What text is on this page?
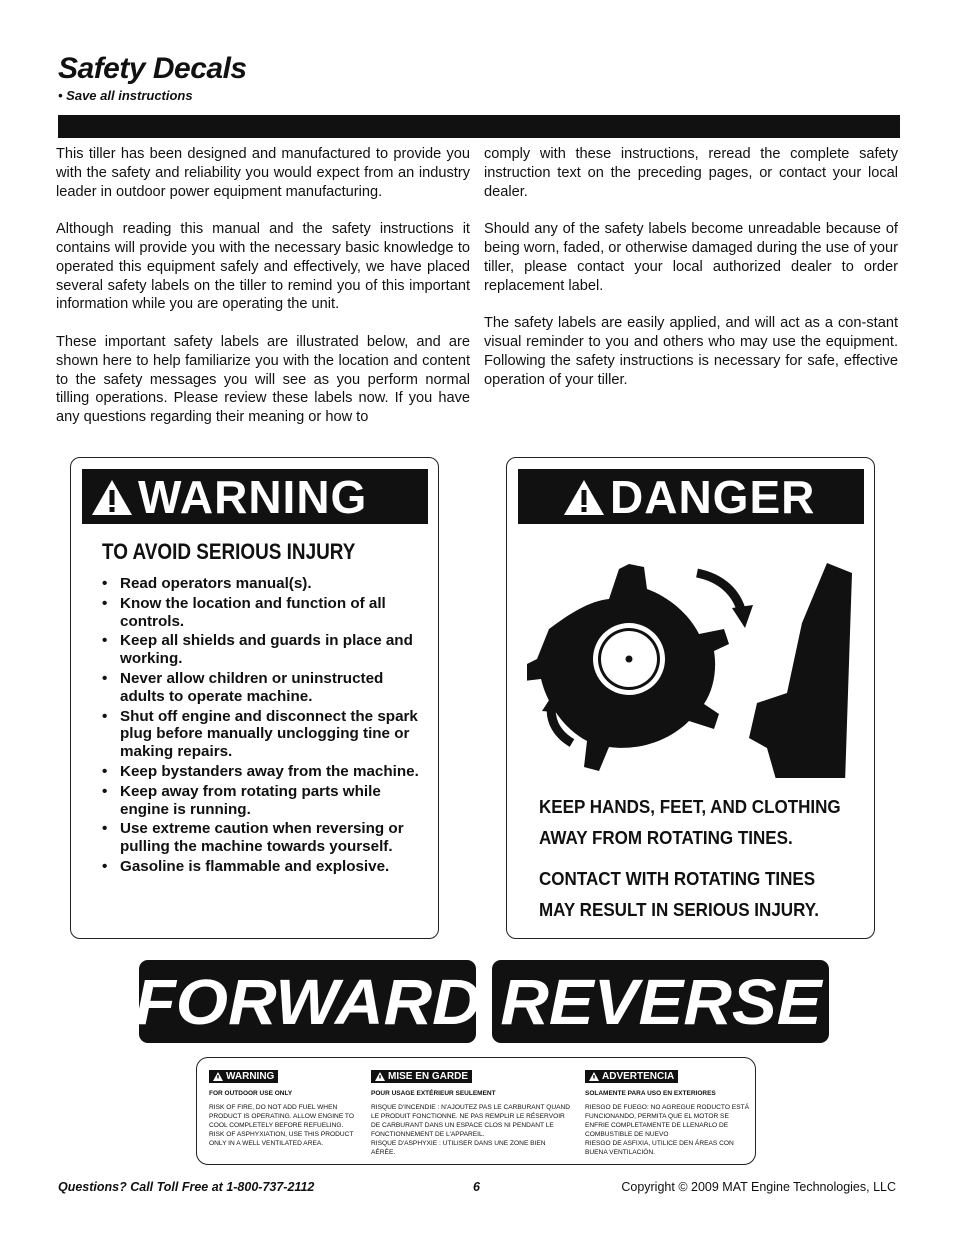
Safety Decals
• Save all instructions

This tiller has been designed and manufactured to provide you with the safety and reliability you would expect from an industry leader in outdoor power equipment manufacturing.

Although reading this manual and the safety instructions it contains will provide you with the necessary basic knowledge to operated this equipment safely and effectively, we have placed several safety labels on the tiller to remind you of this important information while you are operating the unit.

These important safety labels are illustrated below, and are shown here to help familiarize you with the location and content to the safety messages you will see as you perform normal tilling operations. Please review these labels now. If you have any questions regarding their meaning or how to

comply with these instructions, reread the complete safety instruction text on the preceding pages, or contact your local dealer.

Should any of the safety labels become unreadable because of being worn, faded, or otherwise damaged during the use of your tiller, please contact your local authorized dealer to order replacement label.

The safety labels are easily applied, and will act as a con-stant visual reminder to you and others who may use the equipment. Following the safety instructions is necessary for safe, effective operation of your tiller.

WARNING
TO AVOID SERIOUS INJURY
• Read operators manual(s).
• Know the location and function of all controls.
• Keep all shields and guards in place and working.
• Never allow children or uninstructed adults to operate machine.
• Shut off engine and disconnect the spark plug before manually unclogging tine or making repairs.
• Keep bystanders away from the machine.
• Keep away from rotating parts while engine is running.
• Use extreme caution when reversing or pulling the machine towards yourself.
• Gasoline is flammable and explosive.
DANGER
KEEP HANDS, FEET, AND CLOTHING
AWAY FROM ROTATING TINES.
CONTACT WITH ROTATING TINES
MAY RESULT IN SERIOUS INJURY.
FORWARD REVERSE
WARNING
FOR OUTDOOR USE ONLY
RISK OF FIRE, DO NOT ADD FUEL WHEN
PRODUCT IS OPERATING. ALLOW ENGINE TO
COOL COMPLETELY BEFORE REFUELING.
RISK OF ASPHYXIATION, USE THIS PRODUCT
ONLY IN A WELL VENTILATED AREA.
MISE EN GARDE
POUR USAGE EXTÉRIEUR SEULEMENT
RISQUE D'INCENDIE : N'AJOUTEZ PAS LE CARBURANT QUAND
LE PRODUIT FONCTIONNE. NE PAS REMPLIR LE RÉSERVOIR
DE CARBURANT DANS UN ESPACE CLOS NI PENDANT LE
FONCTIONNEMENT DE L'APPAREIL.
RISQUE D'ASPHYXIE : UTILISER DANS UNE ZONE BIEN AÉRÉE.
ADVERTENCIA
SOLAMENTE PARA USO EN EXTERIORES
RIESGO DE FUEGO: NO AGREGUE RODUCTO ESTÁ
FUNCIONANDO, PERMITA QUE EL MOTOR SE
ENFRIE COMPLETAMENTE DE LLENARLO DE
COMBUSTIBLE DE NUEVO
RIESGO DE ASFIXIA, UTILICE DEN ÁREAS CON
BUENA VENTILACIÓN.
Questions? Call Toll Free at 1-800-737-2112	6	Copyright © 2009 MAT Engine Technologies, LLC
